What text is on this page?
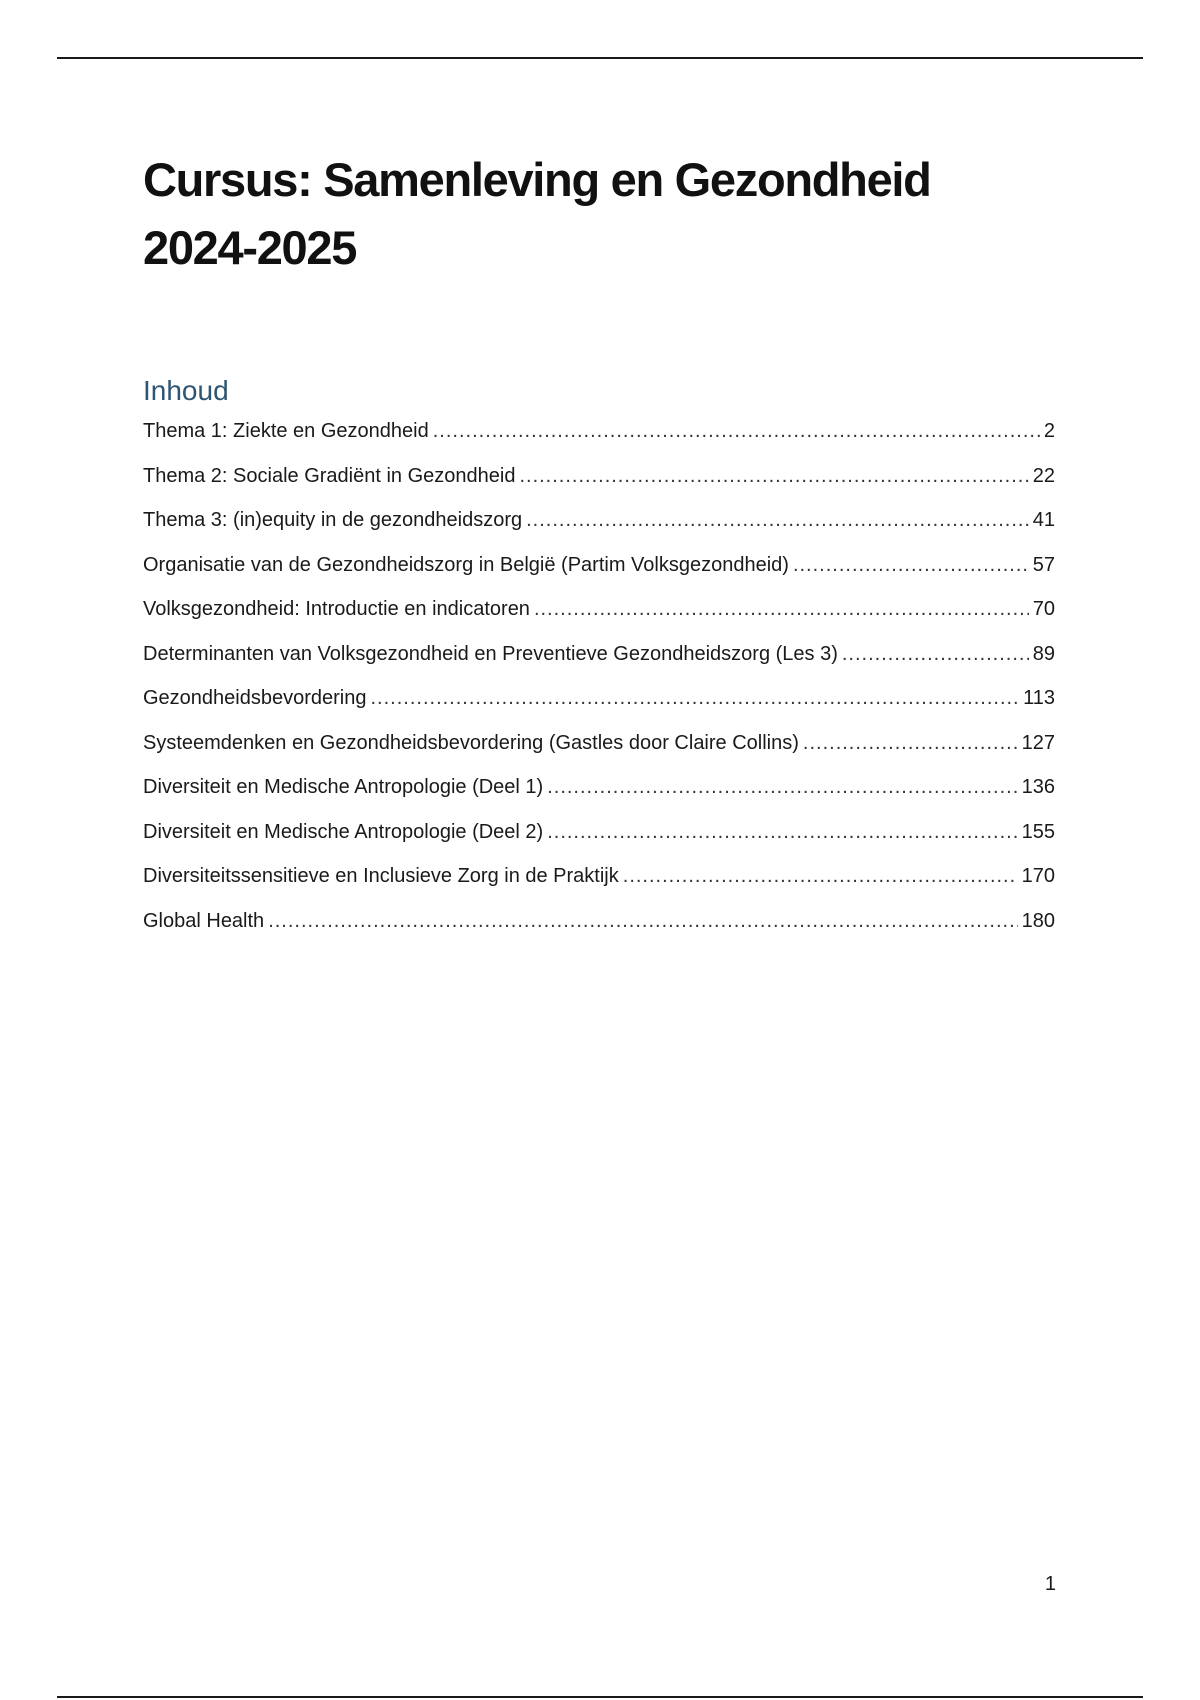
Cursus: Samenleving en Gezondheid
2024-2025
Inhoud
Thema 1: Ziekte en Gezondheid .....	2
Thema 2: Sociale Gradiënt in Gezondheid .....	22
Thema 3: (in)equity in de gezondheidszorg .....	41
Organisatie van de Gezondheidszorg in België (Partim Volksgezondheid) .....	57
Volksgezondheid: Introductie en indicatoren .....	70
Determinanten van Volksgezondheid en Preventieve Gezondheidszorg (Les 3) .....	89
Gezondheidsbevordering .....	113
Systeemdenken en Gezondheidsbevordering (Gastles door Claire Collins) .....	127
Diversiteit en Medische Antropologie (Deel 1) .....	136
Diversiteit en Medische Antropologie (Deel 2) .....	155
Diversiteitssensitieve en Inclusieve Zorg in de Praktijk .....	170
Global Health .....	180
1
